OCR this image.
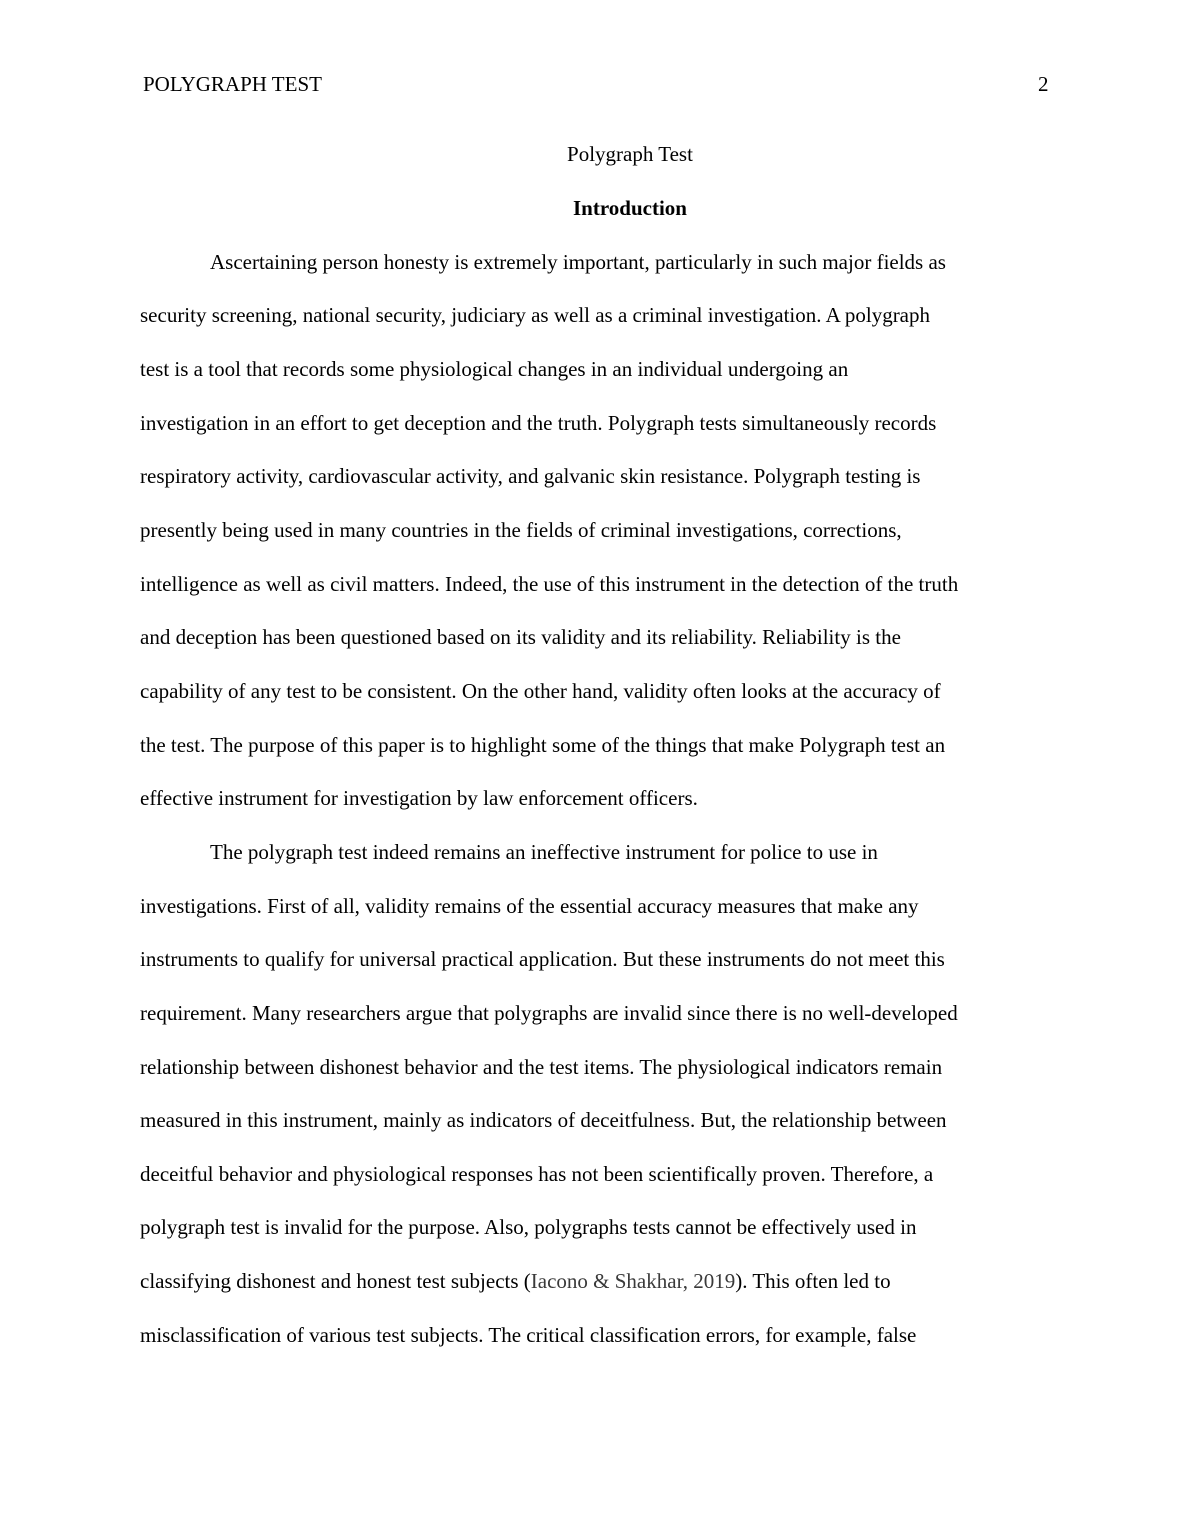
POLYGRAPH TEST	2
Polygraph Test
Introduction
Ascertaining person honesty is extremely important, particularly in such major fields as
security screening, national security, judiciary as well as a criminal investigation. A polygraph
test is a tool that records some physiological changes in an individual undergoing an
investigation in an effort to get deception and the truth. Polygraph tests simultaneously records
respiratory activity, cardiovascular activity, and galvanic skin resistance. Polygraph testing is
presently being used in many countries in the fields of criminal investigations, corrections,
intelligence as well as civil matters. Indeed, the use of this instrument in the detection of the truth
and deception has been questioned based on its validity and its reliability. Reliability is the
capability of any test to be consistent. On the other hand, validity often looks at the accuracy of
the test. The purpose of this paper is to highlight some of the things that make Polygraph test an
effective instrument for investigation by law enforcement officers.
The polygraph test indeed remains an ineffective instrument for police to use in
investigations. First of all, validity remains of the essential accuracy measures that make any
instruments to qualify for universal practical application. But these instruments do not meet this
requirement. Many researchers argue that polygraphs are invalid since there is no well-developed
relationship between dishonest behavior and the test items. The physiological indicators remain
measured in this instrument, mainly as indicators of deceitfulness. But, the relationship between
deceitful behavior and physiological responses has not been scientifically proven. Therefore, a
polygraph test is invalid for the purpose. Also, polygraphs tests cannot be effectively used in
classifying dishonest and honest test subjects (Iacono & Shakhar, 2019). This often led to
misclassification of various test subjects. The critical classification errors, for example, false
